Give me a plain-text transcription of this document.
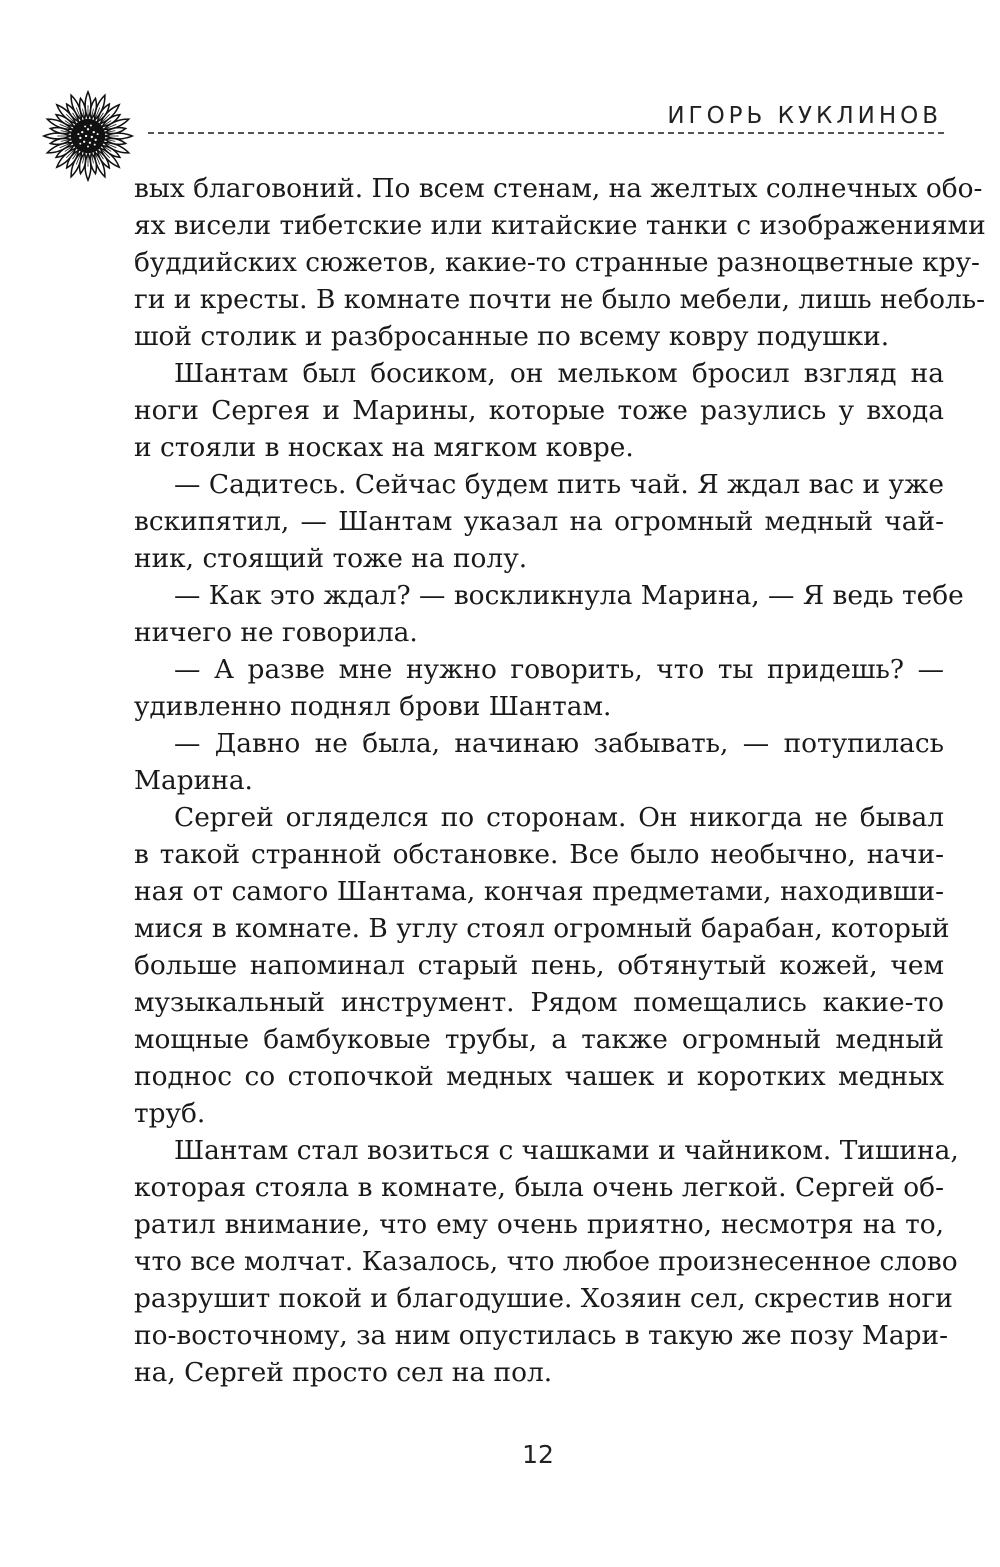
ИГОРЬ КУКЛИНОВ

вых благовоний. По всем стенам, на желтых солнечных обо-
ях висели тибетские или китайские танки с изображениями
буддийских сюжетов, какие-то странные разноцветные кру-
ги и кресты. В комнате почти не было мебели, лишь неболь-
шой столик и разбросанные по всему ковру подушки.

Шантам был босиком, он мельком бросил взгляд на
ноги Сергея и Марины, которые тоже разулись у входа
и стояли в носках на мягком ковре.

— Садитесь. Сейчас будем пить чай. Я ждал вас и уже
вскипятил, — Шантам указал на огромный медный чай-
ник, стоящий тоже на полу.

— Как это ждал? — воскликнула Марина, — Я ведь тебе
ничего не говорила.

— А разве мне нужно говорить, что ты придешь? —
удивленно поднял брови Шантам.

— Давно не была, начинаю забывать, — потупилась
Марина.

Сергей огляделся по сторонам. Он никогда не бывал
в такой странной обстановке. Все было необычно, начи-
ная от самого Шантама, кончая предметами, находивши-
мися в комнате. В углу стоял огромный барабан, который
больше напоминал старый пень, обтянутый кожей, чем
музыкальный инструмент. Рядом помещались какие-то
мощные бамбуковые трубы, а также огромный медный
поднос со стопочкой медных чашек и коротких медных
труб.

Шантам стал возиться с чашками и чайником. Тишина,
которая стояла в комнате, была очень легкой. Сергей об-
ратил внимание, что ему очень приятно, несмотря на то,
что все молчат. Казалось, что любое произнесенное слово
разрушит покой и благодушие. Хозяин сел, скрестив ноги
по-восточному, за ним опустилась в такую же позу Мари-
на, Сергей просто сел на пол.

12
